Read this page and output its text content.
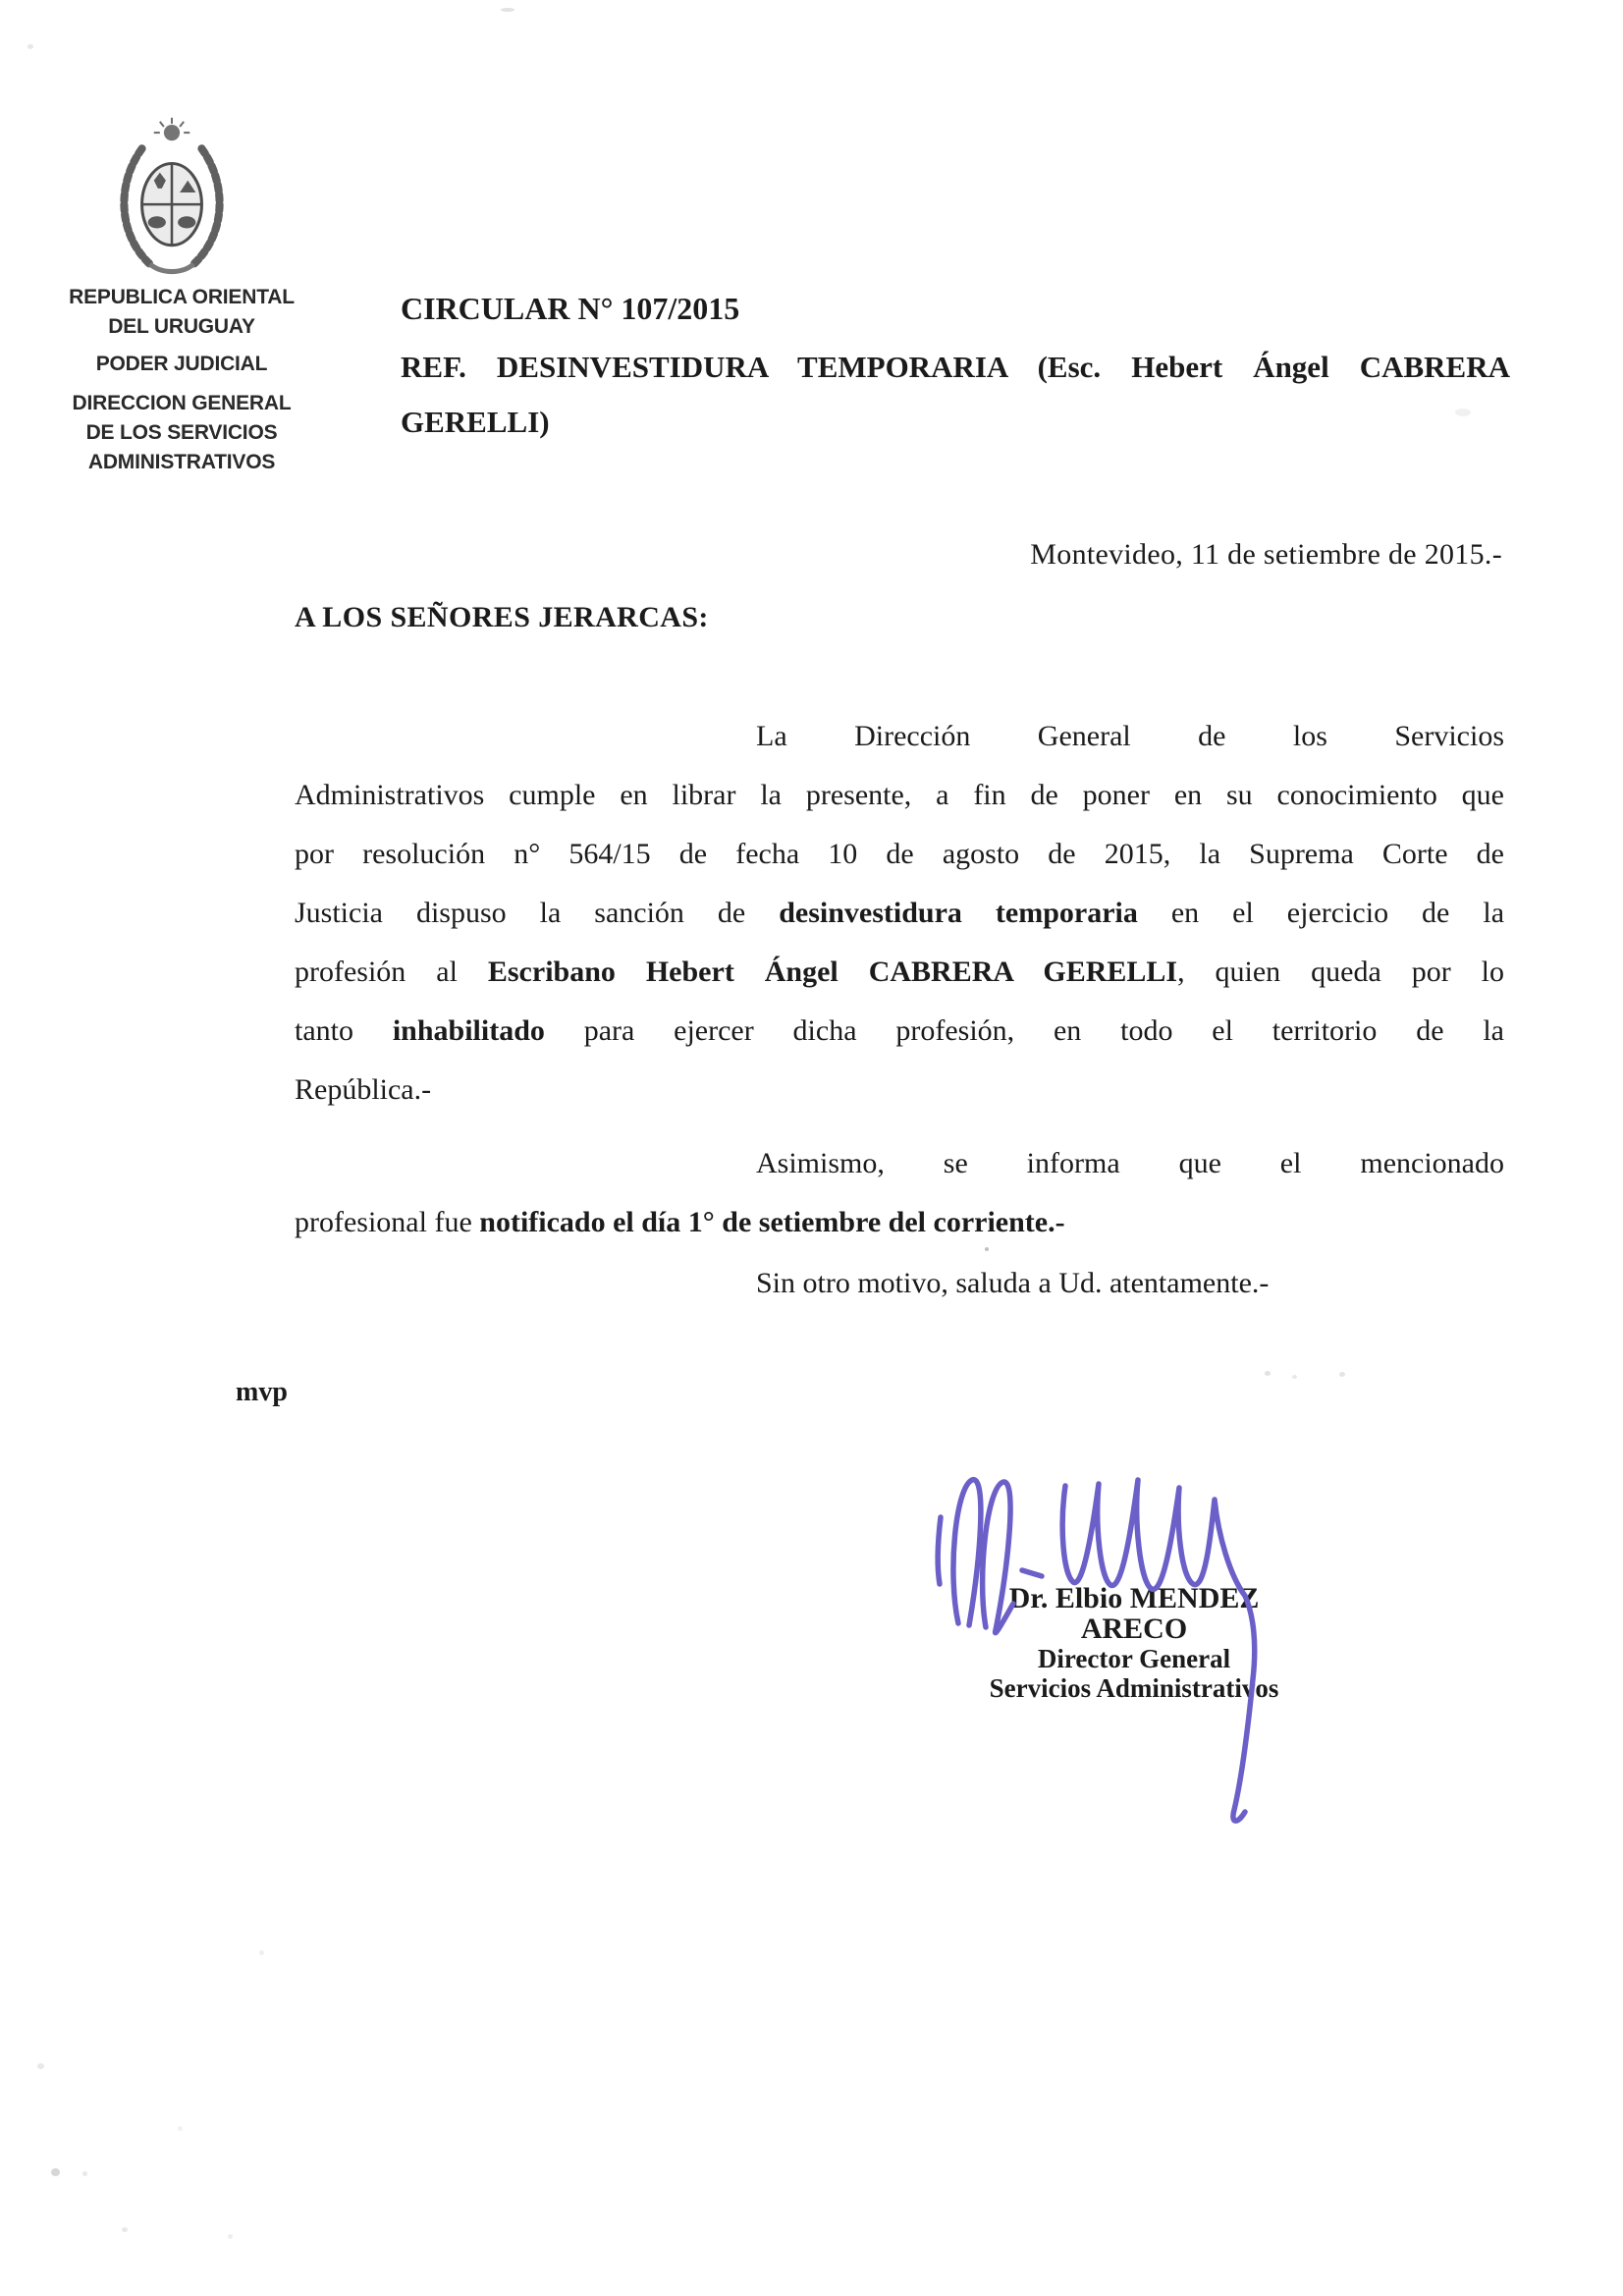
REPUBLICA ORIENTAL
DEL URUGUAY
PODER JUDICIAL
DIRECCION GENERAL
DE LOS SERVICIOS
ADMINISTRATIVOS
CIRCULAR N° 107/2015
REF. DESINVESTIDURA TEMPORARIA (Esc. Hebert Ángel CABRERA
GERELLI)
Montevideo, 11 de setiembre de 2015.-
A LOS SEÑORES JERARCAS:
La Dirección General de los Servicios
Administrativos cumple en librar la presente, a fin de poner en su conocimiento que
por resolución n° 564/15 de fecha 10 de agosto de 2015, la Suprema Corte de
Justicia dispuso la sanción de desinvestidura temporaria en el ejercicio de la
profesión al Escribano Hebert Ángel CABRERA GERELLI, quien queda por lo
tanto inhabilitado para ejercer dicha profesión, en todo el territorio de la
República.-
Asimismo, se informa que el mencionado
profesional fue notificado el día 1° de setiembre del corriente.-
Sin otro motivo, saluda a Ud. atentamente.-
mvp
Dr. Elbio MENDEZ ARECO
Director General
Servicios Administrativos
